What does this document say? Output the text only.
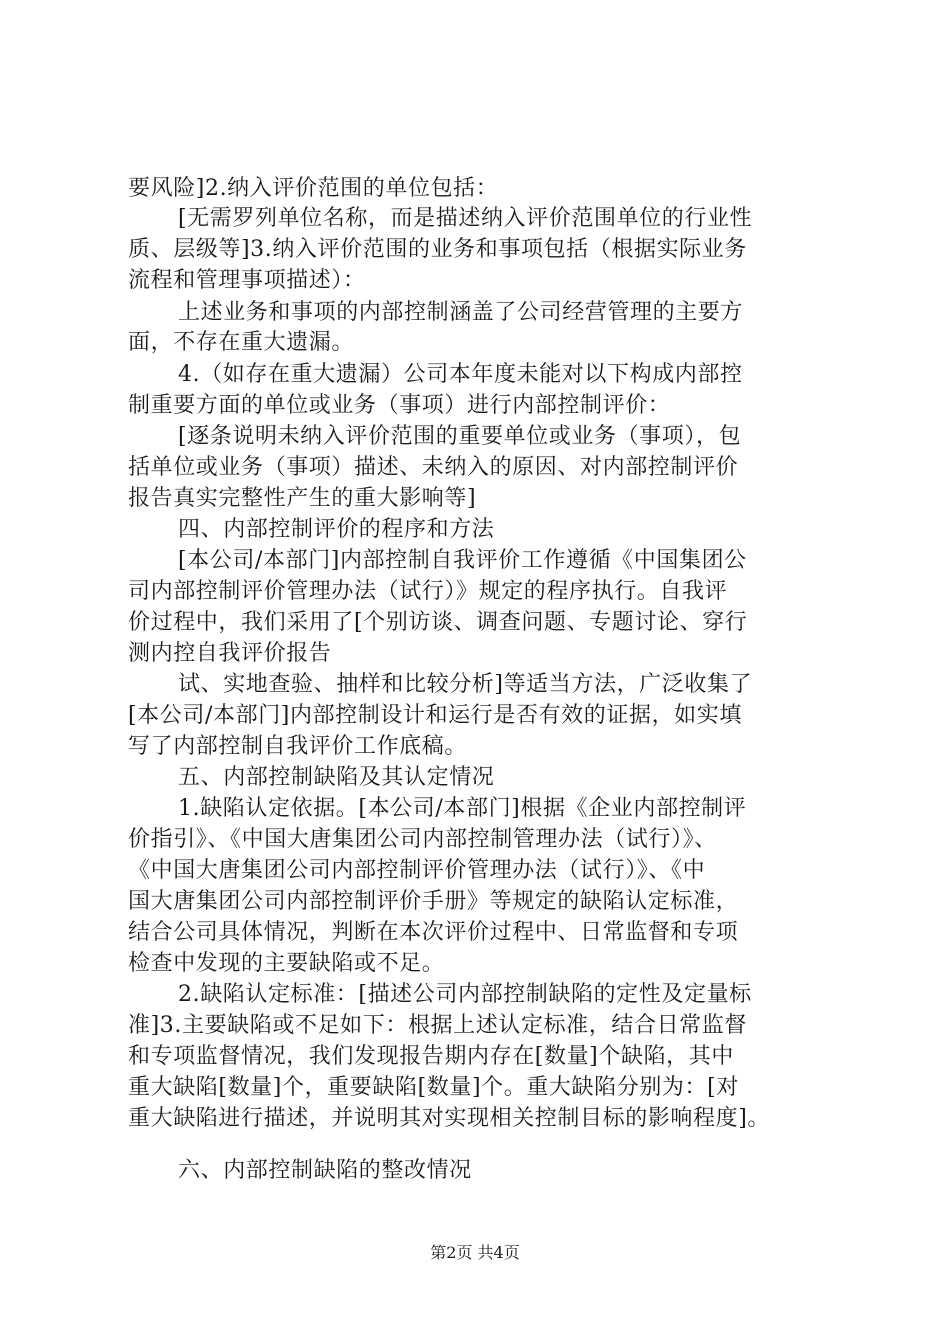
要风险]2.纳入评价范围的单位包括：
[无需罗列单位名称，而是描述纳入评价范围单位的行业性
质、层级等]3.纳入评价范围的业务和事项包括（根据实际业务
流程和管理事项描述）：
上述业务和事项的内部控制涵盖了公司经营管理的主要方
面，不存在重大遗漏。
4.（如存在重大遗漏）公司本年度未能对以下构成内部控
制重要方面的单位或业务（事项）进行内部控制评价：
[逐条说明未纳入评价范围的重要单位或业务（事项），包
括单位或业务（事项）描述、未纳入的原因、对内部控制评价
报告真实完整性产生的重大影响等]
四、内部控制评价的程序和方法
[本公司/本部门]内部控制自我评价工作遵循《中国集团公
司内部控制评价管理办法（试行）》规定的程序执行。自我评
价过程中，我们采用了[个别访谈、调查问题、专题讨论、穿行
测内控自我评价报告
试、实地查验、抽样和比较分析]等适当方法，广泛收集了
[本公司/本部门]内部控制设计和运行是否有效的证据，如实填
写了内部控制自我评价工作底稿。
五、内部控制缺陷及其认定情况
1.缺陷认定依据。[本公司/本部门]根据《企业内部控制评
价指引》、《中国大唐集团公司内部控制管理办法（试行）》、
《中国大唐集团公司内部控制评价管理办法（试行）》、《中
国大唐集团公司内部控制评价手册》等规定的缺陷认定标准，
结合公司具体情况，判断在本次评价过程中、日常监督和专项
检查中发现的主要缺陷或不足。
2.缺陷认定标准：[描述公司内部控制缺陷的定性及定量标
准]3.主要缺陷或不足如下：根据上述认定标准，结合日常监督
和专项监督情况，我们发现报告期内存在[数量]个缺陷，其中
重大缺陷[数量]个，重要缺陷[数量]个。重大缺陷分别为：[对
重大缺陷进行描述，并说明其对实现相关控制目标的影响程度]。
六、内部控制缺陷的整改情况
第2页 共4页
